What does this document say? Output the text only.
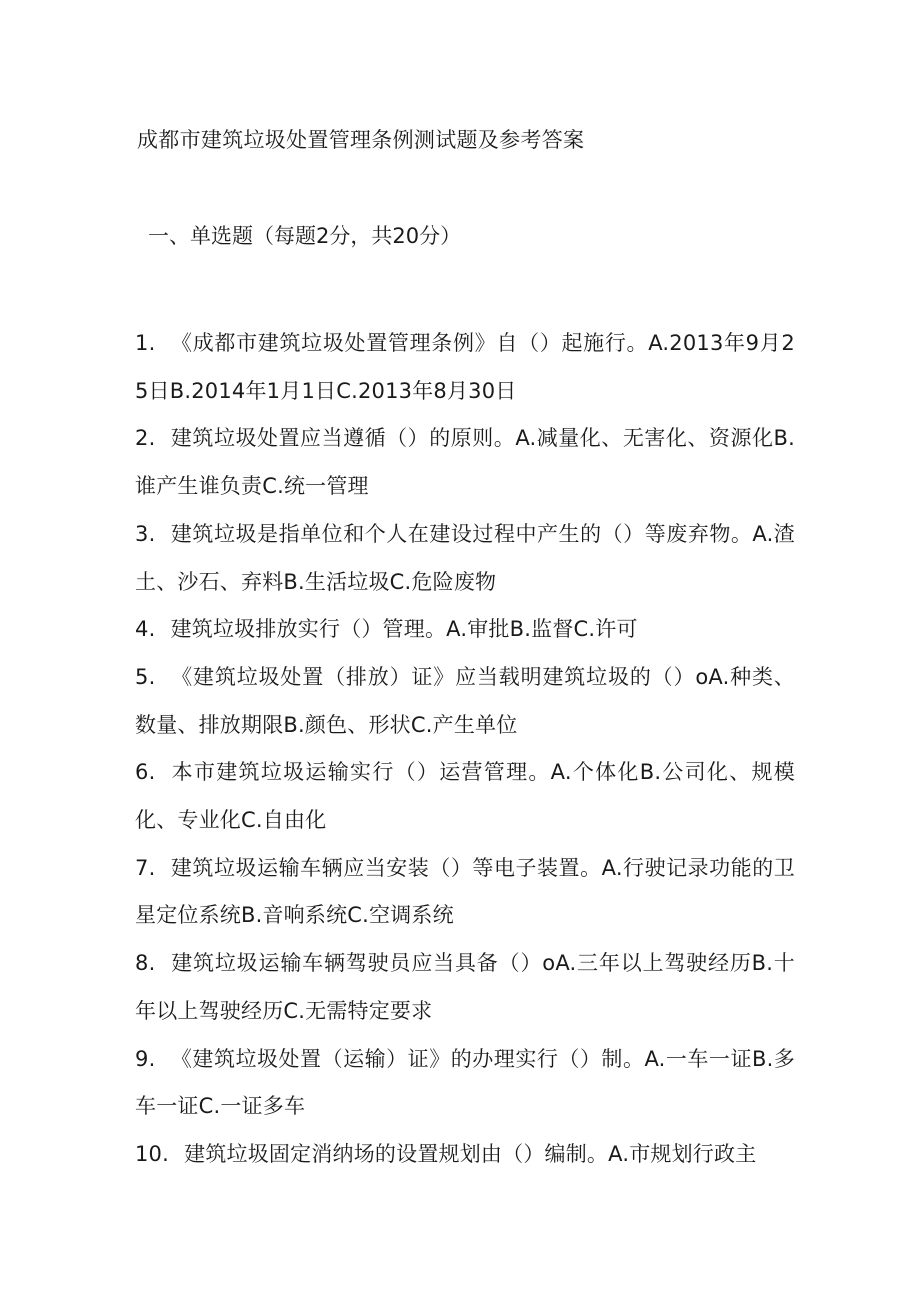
成都市建筑垃圾处置管理条例测试题及参考答案
一、单选题（每题2分，共20分）
1. 《成都市建筑垃圾处置管理条例》自（）起施行。A.2013年9月25日B.2014年1月1日C.2013年8月30日
2. 建筑垃圾处置应当遵循（）的原则。A.减量化、无害化、资源化B.谁产生谁负责C.统一管理
3. 建筑垃圾是指单位和个人在建设过程中产生的（）等废弃物。A.渣土、沙石、弃料B.生活垃圾C.危险废物
4. 建筑垃圾排放实行（）管理。A.审批B.监督C.许可
5. 《建筑垃圾处置（排放）证》应当载明建筑垃圾的（）oA.种类、数量、排放期限B.颜色、形状C.产生单位
6. 本市建筑垃圾运输实行（）运营管理。A.个体化B.公司化、规模化、专业化C.自由化
7. 建筑垃圾运输车辆应当安装（）等电子装置。A.行驶记录功能的卫星定位系统B.音响系统C.空调系统
8. 建筑垃圾运输车辆驾驶员应当具备（）oA.三年以上驾驶经历B.十年以上驾驶经历C.无需特定要求
9. 《建筑垃圾处置（运输）证》的办理实行（）制。A.一车一证B.多车一证C.一证多车
10. 建筑垃圾固定消纳场的设置规划由（）编制。A.市规划行政主
